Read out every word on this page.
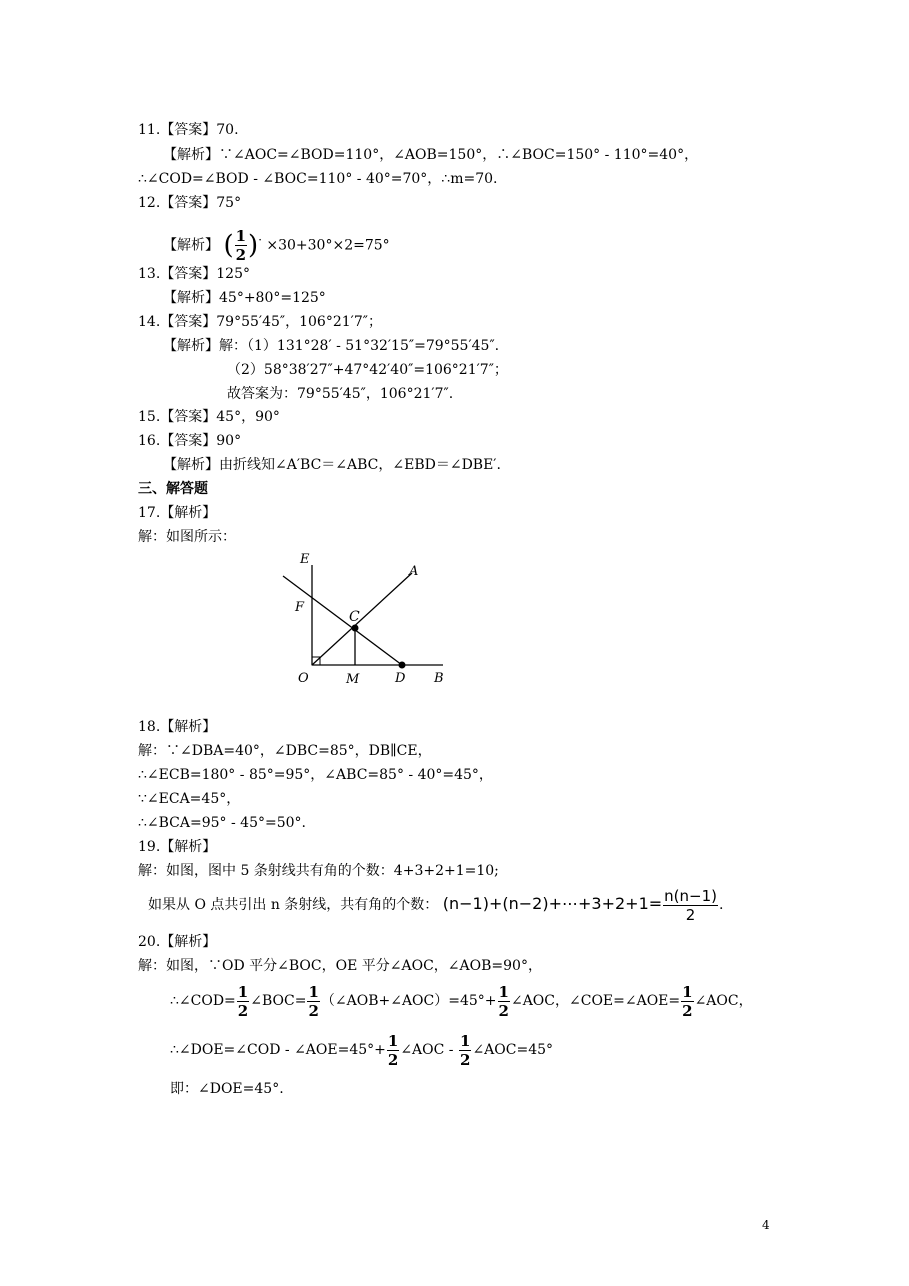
11.【答案】70.
【解析】∵∠AOC=∠BOD=110°，∠AOB=150°，∴∠BOC=150° - 110°=40°，
∴∠COD=∠BOD - ∠BOC=110° - 40°=70°，∴m=70.
12.【答案】75°
【解析】 ( $\frac{1}{2} )^\cdot \times 30+30^\circ\times 2=75^\circ$
13.【答案】125°
【解析】45°+80°=125°
14.【答案】79°55′45″，106°21′7″；
【解析】解：（1）131°28′ - 51°32′15″=79°55′45″.
（2）58°38′27″+47°42′40″=106°21′7″；
故答案为：79°55′45″，106°21′7″.
15.【答案】45°，90°
16.【答案】90°
【解析】由折线知∠A′BC＝∠ABC，∠EBD＝∠DBE′.
三、解答题
17.【解析】
解：如图所示：
E
A
F
C
O	M	D B
18.【解析】
解：∵∠DBA=40°，∠DBC=85°，DB∥CE，
∴∠ECB=180° - 85°=95°，∠ABC=85° - 40°=45°，
∵∠ECA=45°，
∴∠BCA=95° - 45°=50°.
19.【解析】
解：如图，图中 5 条射线共有角的个数：4+3+2+1=10;
如果从 O 点共引出 n 条射线，共有角的个数： (n−1)+(n−2)+⋯+3+2+1= $\frac{n(n-1)}{2}$ .
20.【解析】
解：如图，∵OD 平分∠BOC，OE 平分∠AOC，∠AOB=90°，
∴∠COD= $\frac{1}{2}$ ∠BOC= $\frac{1}{2}$ （∠AOB+∠AOC）=45°+ $\frac{1}{2}$ ∠AOC，∠COE=∠AOE= $\frac{1}{2}$ ∠AOC，
∴∠DOE=∠COD - ∠AOE=45°+ $\frac{1}{2}$ ∠AOC - $\frac{1}{2}$ ∠AOC=45°
即：∠DOE=45°.
4
